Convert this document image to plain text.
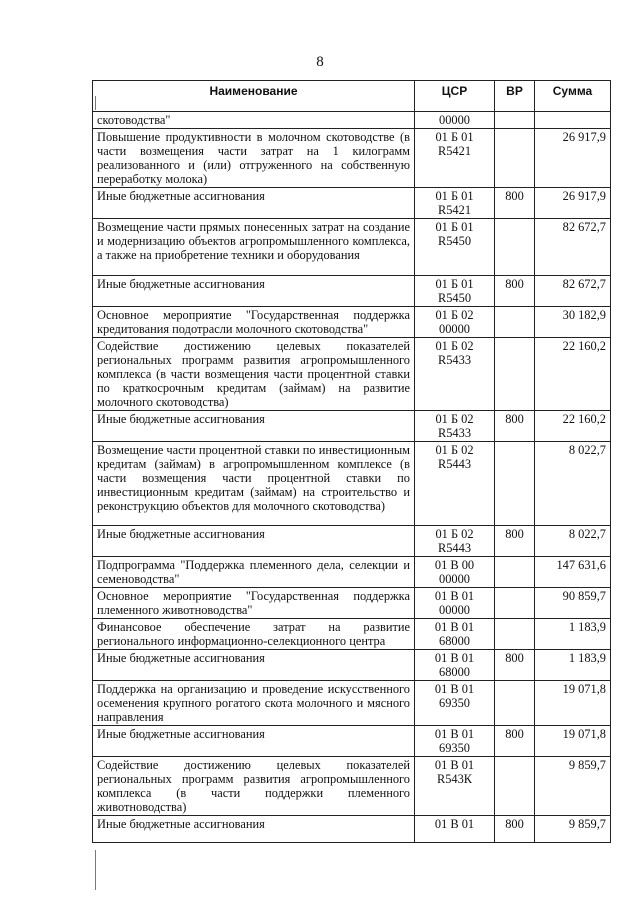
8
Наименование	ЦСР	ВР	Сумма
скотоводства"	00000		
Повышение продуктивности в молочном скотоводстве (в части возмещения части затрат на 1 килограмм реализованного и (или) отгруженного на собственную переработку молока)	01 Б 01 R5421		26 917,9
Иные бюджетные ассигнования	01 Б 01 R5421	800	26 917,9
Возмещение части прямых понесенных затрат на создание и модернизацию объектов агропромышленного комплекса, а также на приобретение техники и оборудования	01 Б 01 R5450		82 672,7
Иные бюджетные ассигнования	01 Б 01 R5450	800	82 672,7
Основное мероприятие "Государственная поддержка кредитования подотрасли молочного скотоводства"	01 Б 02 00000		30 182,9
Содействие достижению целевых показателей региональных программ развития агропромышленного комплекса (в части возмещения части процентной ставки по краткосрочным кредитам (займам) на развитие молочного скотоводства)	01 Б 02 R5433		22 160,2
Иные бюджетные ассигнования	01 Б 02 R5433	800	22 160,2
Возмещение части процентной ставки по инвестиционным кредитам (займам) в агропромышленном комплексе (в части возмещения части процентной ставки по инвестиционным кредитам (займам) на строительство и реконструкцию объектов для молочного скотоводства)	01 Б 02 R5443		8 022,7
Иные бюджетные ассигнования	01 Б 02 R5443	800	8 022,7
Подпрограмма "Поддержка племенного дела, селекции и семеноводства"	01 В 00 00000		147 631,6
Основное мероприятие "Государственная поддержка племенного животноводства"	01 В 01 00000		90 859,7
Финансовое обеспечение затрат на развитие регионального информационно-селекционного центра	01 В 01 68000		1 183,9
Иные бюджетные ассигнования	01 В 01 68000	800	1 183,9
Поддержка на организацию и проведение искусственного осеменения крупного рогатого скота молочного и мясного направления	01 В 01 69350		19 071,8
Иные бюджетные ассигнования	01 В 01 69350	800	19 071,8
Содействие достижению целевых показателей региональных программ развития агропромышленного комплекса (в части поддержки племенного животноводства)	01 В 01 R543К		9 859,7
Иные бюджетные ассигнования	01 В 01	800	9 859,7
